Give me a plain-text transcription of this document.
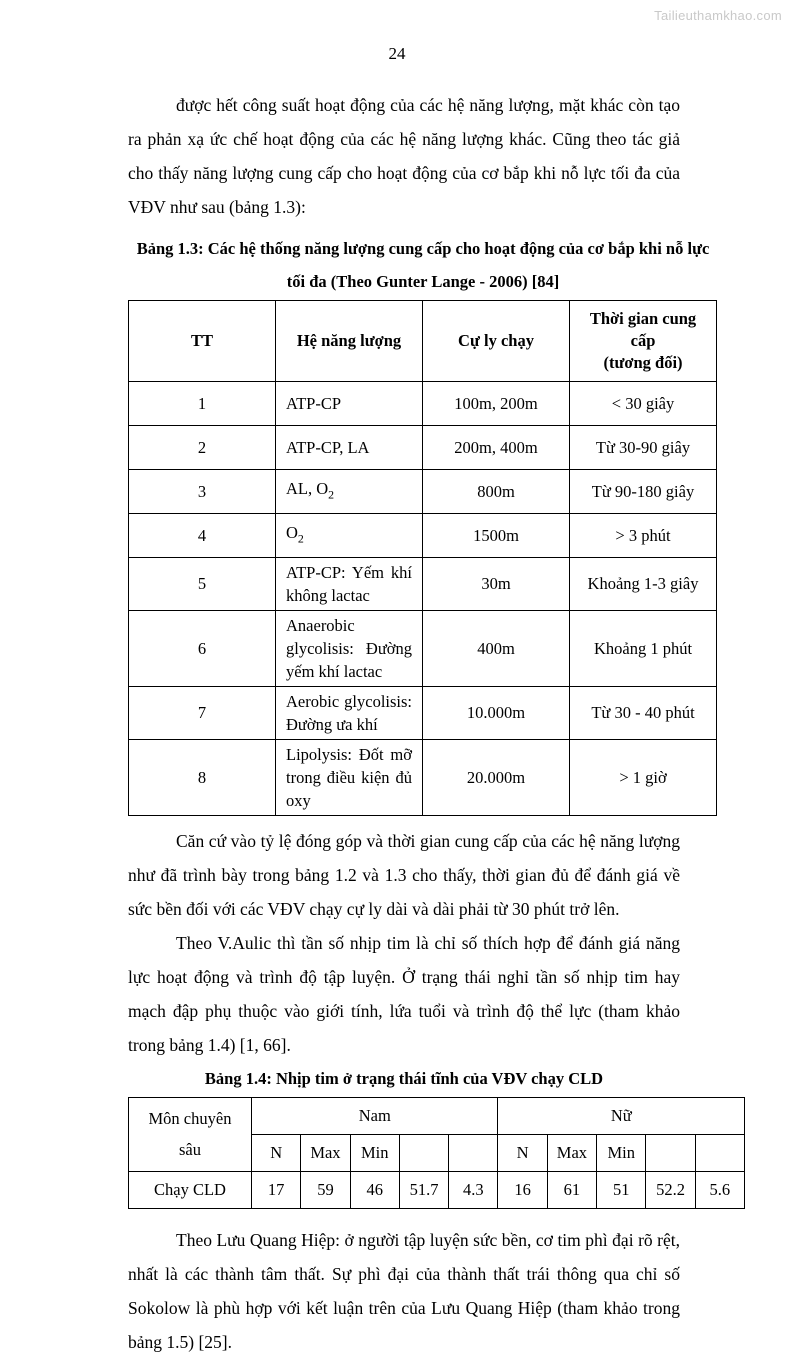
Tailieuthamkhao.com
24

được hết công suất hoạt động của các hệ năng lượng, mặt khác còn tạo ra phản xạ ức chế hoạt động của các hệ năng lượng khác. Cũng theo tác giả cho thấy năng lượng cung cấp cho hoạt động của cơ bắp khi nỗ lực tối đa của VĐV như sau (bảng 1.3):

Bảng 1.3: Các hệ thống năng lượng cung cấp cho hoạt động của cơ bắp khi nỗ lực
tối đa (Theo Gunter Lange - 2006) [84]
TT	Hệ năng lượng	Cự ly chạy	Thời gian cung
cấp
(tương đối)
1	ATP-CP	100m, 200m	< 30 giây
2	ATP-CP, LA	200m, 400m	Từ 30-90 giây
3	AL, $O_2$	800m	Từ 90-180 giây
4	$O_2$	1500m	> 3 phút
5	ATP-CP: Yếm khí không lactac	30m	Khoảng 1-3 giây
6	Anaerobic glycolisis: Đường yếm khí lactac	400m	Khoảng 1 phút
7	Aerobic glycolisis: Đường ưa khí	10.000m	Từ 30 - 40 phút
8	Lipolysis: Đốt mỡ trong điều kiện đủ oxy	20.000m	> 1 giờ

Căn cứ vào tỷ lệ đóng góp và thời gian cung cấp của các hệ năng lượng như đã trình bày trong bảng 1.2 và 1.3 cho thấy, thời gian đủ để đánh giá về sức bền đối với các VĐV chạy cự ly dài và dài phải từ 30 phút trở lên.

Theo V.Aulic thì tần số nhịp tim là chỉ số thích hợp để đánh giá năng lực hoạt động và trình độ tập luyện. Ở trạng thái nghỉ tần số nhịp tim hay mạch đập phụ thuộc vào giới tính, lứa tuổi và trình độ thể lực (tham khảo trong bảng 1.4) [1, 66].

Bảng 1.4: Nhịp tim ở trạng thái tĩnh của VĐV chạy CLD
Môn chuyên
sâu	Nam					Nữ				
	N	Max	Min			N	Max	Min		
Chạy CLD	17	59	46	51.7	4.3	16	61	51	52.2	5.6

Theo Lưu Quang Hiệp: ở người tập luyện sức bền, cơ tim phì đại rõ rệt, nhất là các thành tâm thất. Sự phì đại của thành thất trái thông qua chỉ số Sokolow là phù hợp với kết luận trên của Lưu Quang Hiệp (tham khảo trong bảng 1.5) [25].
